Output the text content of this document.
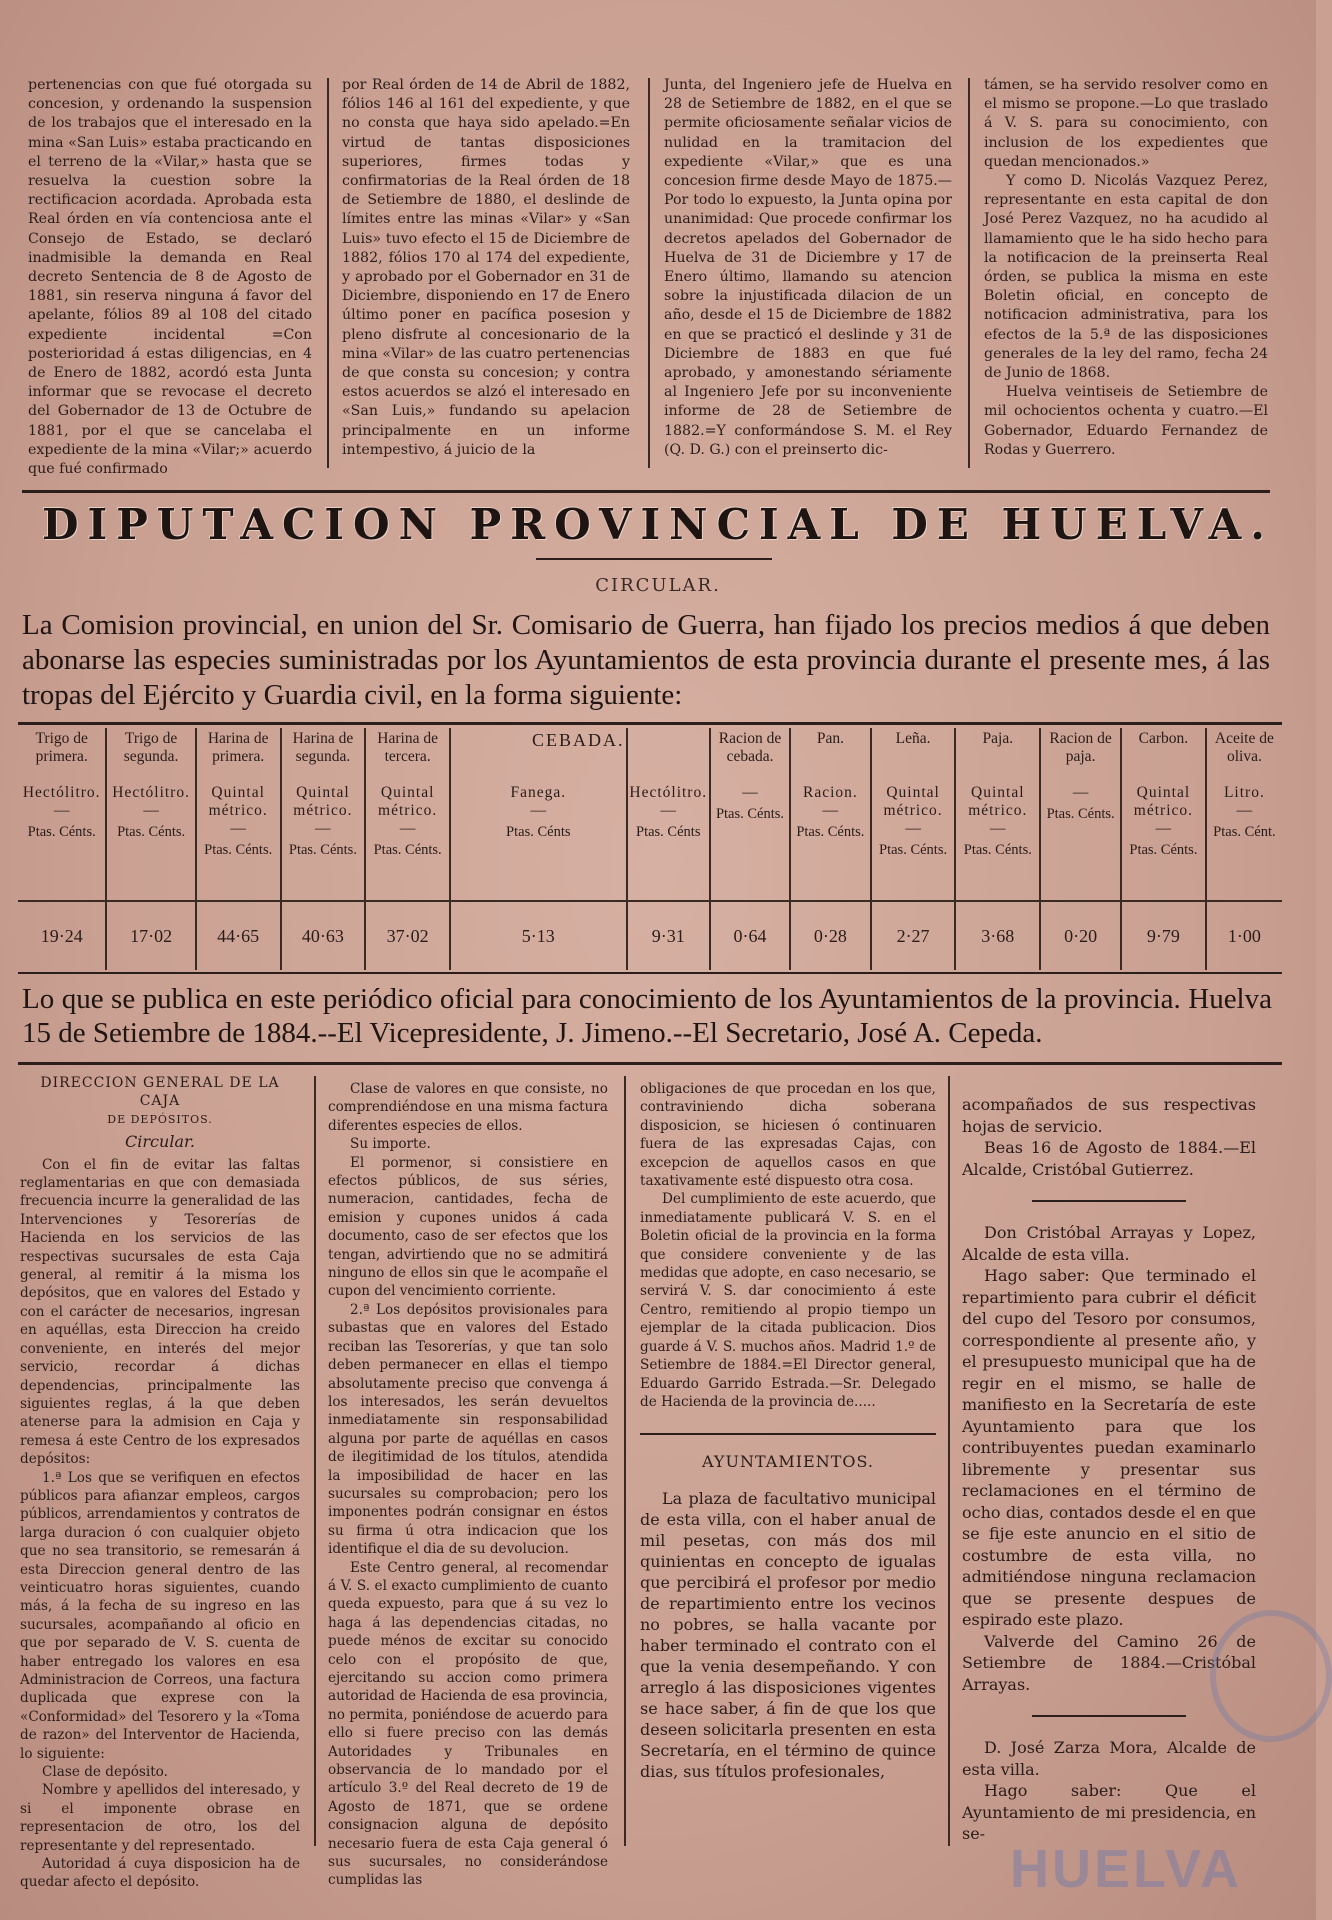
pertenencias con que fué otorgada su concesion, y ordenando la suspension de los trabajos que el interesado en la mina «San Luis» estaba practicando en el terreno de la «Vilar,» hasta que se resuelva la cuestion sobre la rectificacion acordada. Aprobada esta Real órden en vía contenciosa ante el Consejo de Estado, se declaró inadmisible la demanda en Real decreto Sentencia de 8 de Agosto de 1881, sin reserva ninguna á favor del apelante, fólios 89 al 108 del citado expediente incidental =Con posterioridad á estas diligencias, en 4 de Enero de 1882, acordó esta Junta informar que se revocase el decreto del Gobernador de 13 de Octubre de 1881, por el que se cancelaba el expediente de la mina «Vilar;» acuerdo que fué confirmado

por Real órden de 14 de Abril de 1882, fólios 146 al 161 del expediente, y que no consta que haya sido apelado.=En virtud de tantas disposiciones superiores, firmes todas y confirmatorias de la Real órden de 18 de Setiembre de 1880, el deslinde de límites entre las minas «Vilar» y «San Luis» tuvo efecto el 15 de Diciembre de 1882, fólios 170 al 174 del expediente, y aprobado por el Gobernador en 31 de Diciembre, disponiendo en 17 de Enero último poner en pacífica posesion y pleno disfrute al concesionario de la mina «Vilar» de las cuatro pertenencias de que consta su concesion; y contra estos acuerdos se alzó el interesado en «San Luis,» fundando su apelacion principalmente en un informe intempestivo, á juicio de la

Junta, del Ingeniero jefe de Huelva en 28 de Setiembre de 1882, en el que se permite oficiosamente señalar vicios de nulidad en la tramitacion del expediente «Vilar,» que es una concesion firme desde Mayo de 1875.—Por todo lo expuesto, la Junta opina por unanimidad: Que procede confirmar los decretos apelados del Gobernador de Huelva de 31 de Diciembre y 17 de Enero último, llamando su atencion sobre la injustificada dilacion de un año, desde el 15 de Diciembre de 1882 en que se practicó el deslinde y 31 de Diciembre de 1883 en que fué aprobado, y amonestando sériamente al Ingeniero Jefe por su inconveniente informe de 28 de Setiembre de 1882.=Y conformándose S. M. el Rey (Q. D. G.) con el preinserto dic-

támen, se ha servido resolver como en el mismo se propone.—Lo que traslado á V. S. para su conocimiento, con inclusion de los expedientes que quedan mencionados.»

Y como D. Nicolás Vazquez Perez, representante en esta capital de don José Perez Vazquez, no ha acudido al llamamiento que le ha sido hecho para la notificacion de la preinserta Real órden, se publica la misma en este Boletin oficial, en concepto de notificacion administrativa, para los efectos de la 5.ª de las disposiciones generales de la ley del ramo, fecha 24 de Junio de 1868.

Huelva veintiseis de Setiembre de mil ochocientos ochenta y cuatro.—El Gobernador, Eduardo Fernandez de Rodas y Guerrero.

DIPUTACION PROVINCIAL DE HUELVA.
CIRCULAR.
La Comision provincial, en union del Sr. Comisario de Guerra, han fijado los precios medios á que deben abonarse las especies suministradas por los Ayuntamientos de esta provincia durante el presente mes, á las tropas del Ejército y Guardia civil, en la forma siguiente:
Trigo de primera.
Hectólitro.
—
Ptas. Cénts.	Trigo de segunda.
Hectólitro.
—
Ptas. Cénts.	Harina de primera.
Quintal métrico.
—
Ptas. Cénts.	Harina de segunda.
Quintal métrico.
—
Ptas. Cénts.	Harina de tercera.
Quintal métrico.
—
Ptas. Cénts.	CEBADA.
Fanega.
—
Ptas. Cénts	Hectólitro.
—
Ptas. Cénts	Racion de cebada.
—
Ptas. Cénts.	Pan.
Racion.
—
Ptas. Cénts.	Leña.
Quintal métrico.
—
Ptas. Cénts.	Paja.
Quintal métrico.
—
Ptas. Cénts.	Racion de paja.
—
Ptas. Cénts.	Carbon.
Quintal métrico.
—
Ptas. Cénts.	Aceite de oliva.
Litro.
—
Ptas. Cént.

19·24	17·02	44·65	40·63	37·02	5·13	9·31	0·64	0·28	2·27	3·68	0·20	9·79	1·00
Lo que se publica en este periódico oficial para conocimiento de los Ayuntamientos de la provincia. Huelva 15 de Setiembre de 1884.--El Vicepresidente, J. Jimeno.--El Secretario, José A. Cepeda.
DIRECCION GENERAL DE LA CAJA
DE DEPÓSITOS.
Circular.

Con el fin de evitar las faltas reglamentarias en que con demasiada frecuencia incurre la generalidad de las Intervenciones y Tesorerías de Hacienda en los servicios de las respectivas sucursales de esta Caja general, al remitir á la misma los depósitos, que en valores del Estado y con el carácter de necesarios, ingresan en aquéllas, esta Direccion ha creido conveniente, en interés del mejor servicio, recordar á dichas dependencias, principalmente las siguientes reglas, á la que deben atenerse para la admision en Caja y remesa á este Centro de los expresados depósitos:

1.ª Los que se verifiquen en efectos públicos para afianzar empleos, cargos públicos, arrendamientos y contratos de larga duracion ó con cualquier objeto que no sea transitorio, se remesarán á esta Direccion general dentro de las veinticuatro horas siguientes, cuando más, á la fecha de su ingreso en las sucursales, acompañando al oficio en que por separado de V. S. cuenta de haber entregado los valores en esa Administracion de Correos, una factura duplicada que exprese con la «Conformidad» del Tesorero y la «Toma de razon» del Interventor de Hacienda, lo siguiente:

Clase de depósito.

Nombre y apellidos del interesado, y si el imponente obrase en representacion de otro, los del representante y del representado.

Autoridad á cuya disposicion ha de quedar afecto el depósito.

Clase de valores en que consiste, no comprendiéndose en una misma factura diferentes especies de ellos.

Su importe.

El pormenor, si consistiere en efectos públicos, de sus séries, numeracion, cantidades, fecha de emision y cupones unidos á cada documento, caso de ser efectos que los tengan, advirtiendo que no se admitirá ninguno de ellos sin que le acompañe el cupon del vencimiento corriente.

2.ª Los depósitos provisionales para subastas que en valores del Estado reciban las Tesorerías, y que tan solo deben permanecer en ellas el tiempo absolutamente preciso que convenga á los interesados, les serán devueltos inmediatamente sin responsabilidad alguna por parte de aquéllas en casos de ilegitimidad de los títulos, atendida la imposibilidad de hacer en las sucursales su comprobacion; pero los imponentes podrán consignar en éstos su firma ú otra indicacion que los identifique el dia de su devolucion.

Este Centro general, al recomendar á V. S. el exacto cumplimiento de cuanto queda expuesto, para que á su vez lo haga á las dependencias citadas, no puede ménos de excitar su conocido celo con el propósito de que, ejercitando su accion como primera autoridad de Hacienda de esa provincia, no permita, poniéndose de acuerdo para ello si fuere preciso con las demás Autoridades y Tribunales en observancia de lo mandado por el artículo 3.º del Real decreto de 19 de Agosto de 1871, que se ordene consignacion alguna de depósito necesario fuera de esta Caja general ó sus sucursales, no considerándose cumplidas las

obligaciones de que procedan en los que, contraviniendo dicha soberana disposicion, se hiciesen ó continuaren fuera de las expresadas Cajas, con excepcion de aquellos casos en que taxativamente esté dispuesto otra cosa.

Del cumplimiento de este acuerdo, que inmediatamente publicará V. S. en el Boletin oficial de la provincia en la forma que considere conveniente y de las medidas que adopte, en caso necesario, se servirá V. S. dar conocimiento á este Centro, remitiendo al propio tiempo un ejemplar de la citada publicacion. Dios guarde á V. S. muchos años. Madrid 1.º de Setiembre de 1884.=El Director general, Eduardo Garrido Estrada.—Sr. Delegado de Hacienda de la provincia de.....

AYUNTAMIENTOS.

La plaza de facultativo municipal de esta villa, con el haber anual de mil pesetas, con más dos mil quinientas en concepto de igualas que percibirá el profesor por medio de repartimiento entre los vecinos no pobres, se halla vacante por haber terminado el contrato con el que la venia desempeñando. Y con arreglo á las disposiciones vigentes se hace saber, á fin de que los que deseen solicitarla presenten en esta Secretaría, en el término de quince dias, sus títulos profesionales,

acompañados de sus respectivas hojas de servicio.

Beas 16 de Agosto de 1884.—El Alcalde, Cristóbal Gutierrez.

Don Cristóbal Arrayas y Lopez, Alcalde de esta villa.

Hago saber: Que terminado el repartimiento para cubrir el déficit del cupo del Tesoro por consumos, correspondiente al presente año, y el presupuesto municipal que ha de regir en el mismo, se halle de manifiesto en la Secretaría de este Ayuntamiento para que los contribuyentes puedan examinarlo libremente y presentar sus reclamaciones en el término de ocho dias, contados desde el en que se fije este anuncio en el sitio de costumbre de esta villa, no admitiéndose ninguna reclamacion que se presente despues de espirado este plazo.

Valverde del Camino 26 de Setiembre de 1884.—Cristóbal Arrayas.

D. José Zarza Mora, Alcalde de esta villa.

Hago saber: Que el Ayuntamiento de mi presidencia, en se-

HUELVA
